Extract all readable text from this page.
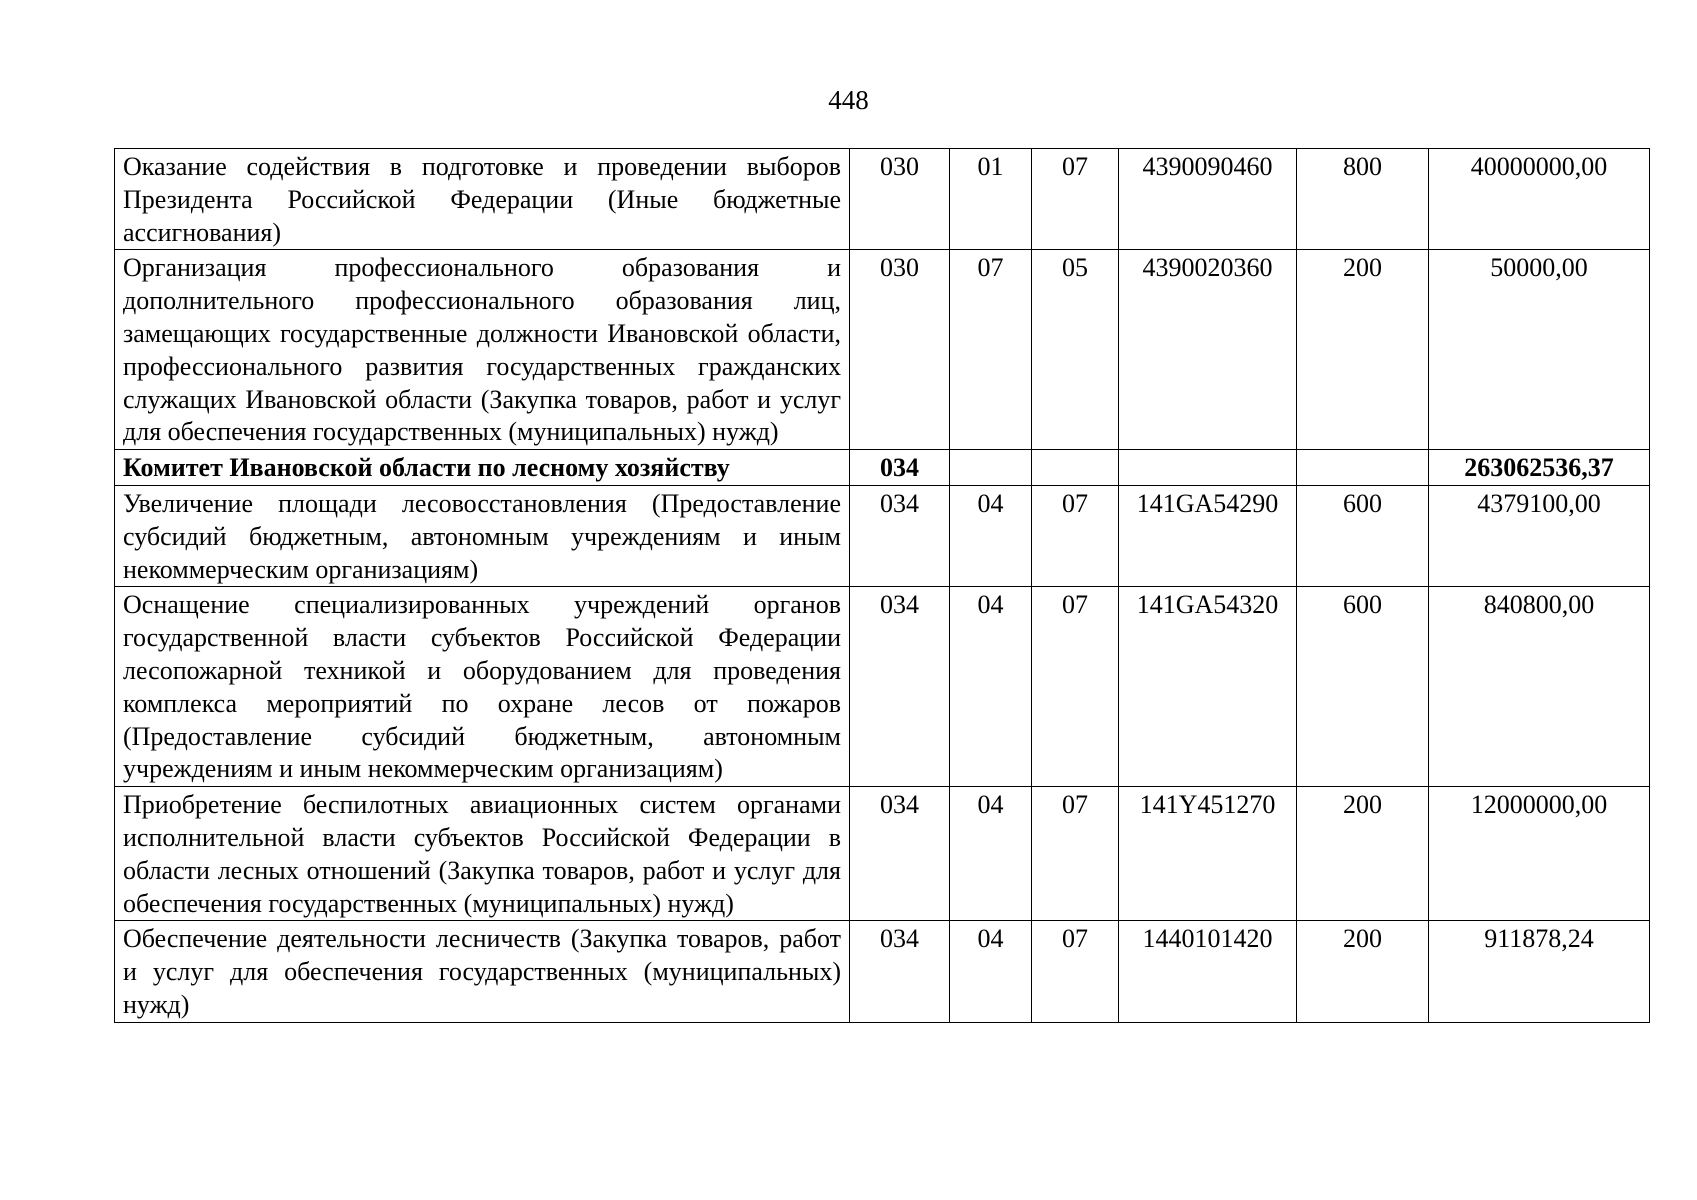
448
Оказание содействия в подготовке и проведении выборов Президента Российской Федерации (Иные бюджетные ассигнования)	030	01	07	4390090460	800	40000000,00
Организация профессионального образования и дополнительного профессионального образования лиц, замещающих государственные должности Ивановской области, профессионального развития государственных гражданских служащих Ивановской области (Закупка товаров, работ и услуг для обеспечения государственных (муниципальных) нужд)	030	07	05	4390020360	200	50000,00
Комитет Ивановской области по лесному хозяйству	034					263062536,37
Увеличение площади лесовосстановления (Предоставление субсидий бюджетным, автономным учреждениям и иным некоммерческим организациям)	034	04	07	141GA54290	600	4379100,00
Оснащение специализированных учреждений органов государственной власти субъектов Российской Федерации лесопожарной техникой и оборудованием для проведения комплекса мероприятий по охране лесов от пожаров (Предоставление субсидий бюджетным, автономным учреждениям и иным некоммерческим организациям)	034	04	07	141GA54320	600	840800,00
Приобретение беспилотных авиационных систем органами исполнительной власти субъектов Российской Федерации в области лесных отношений (Закупка товаров, работ и услуг для обеспечения государственных (муниципальных) нужд)	034	04	07	141Y451270	200	12000000,00
Обеспечение деятельности лесничеств (Закупка товаров, работ и услуг для обеспечения государственных (муниципальных) нужд)	034	04	07	1440101420	200	911878,24
